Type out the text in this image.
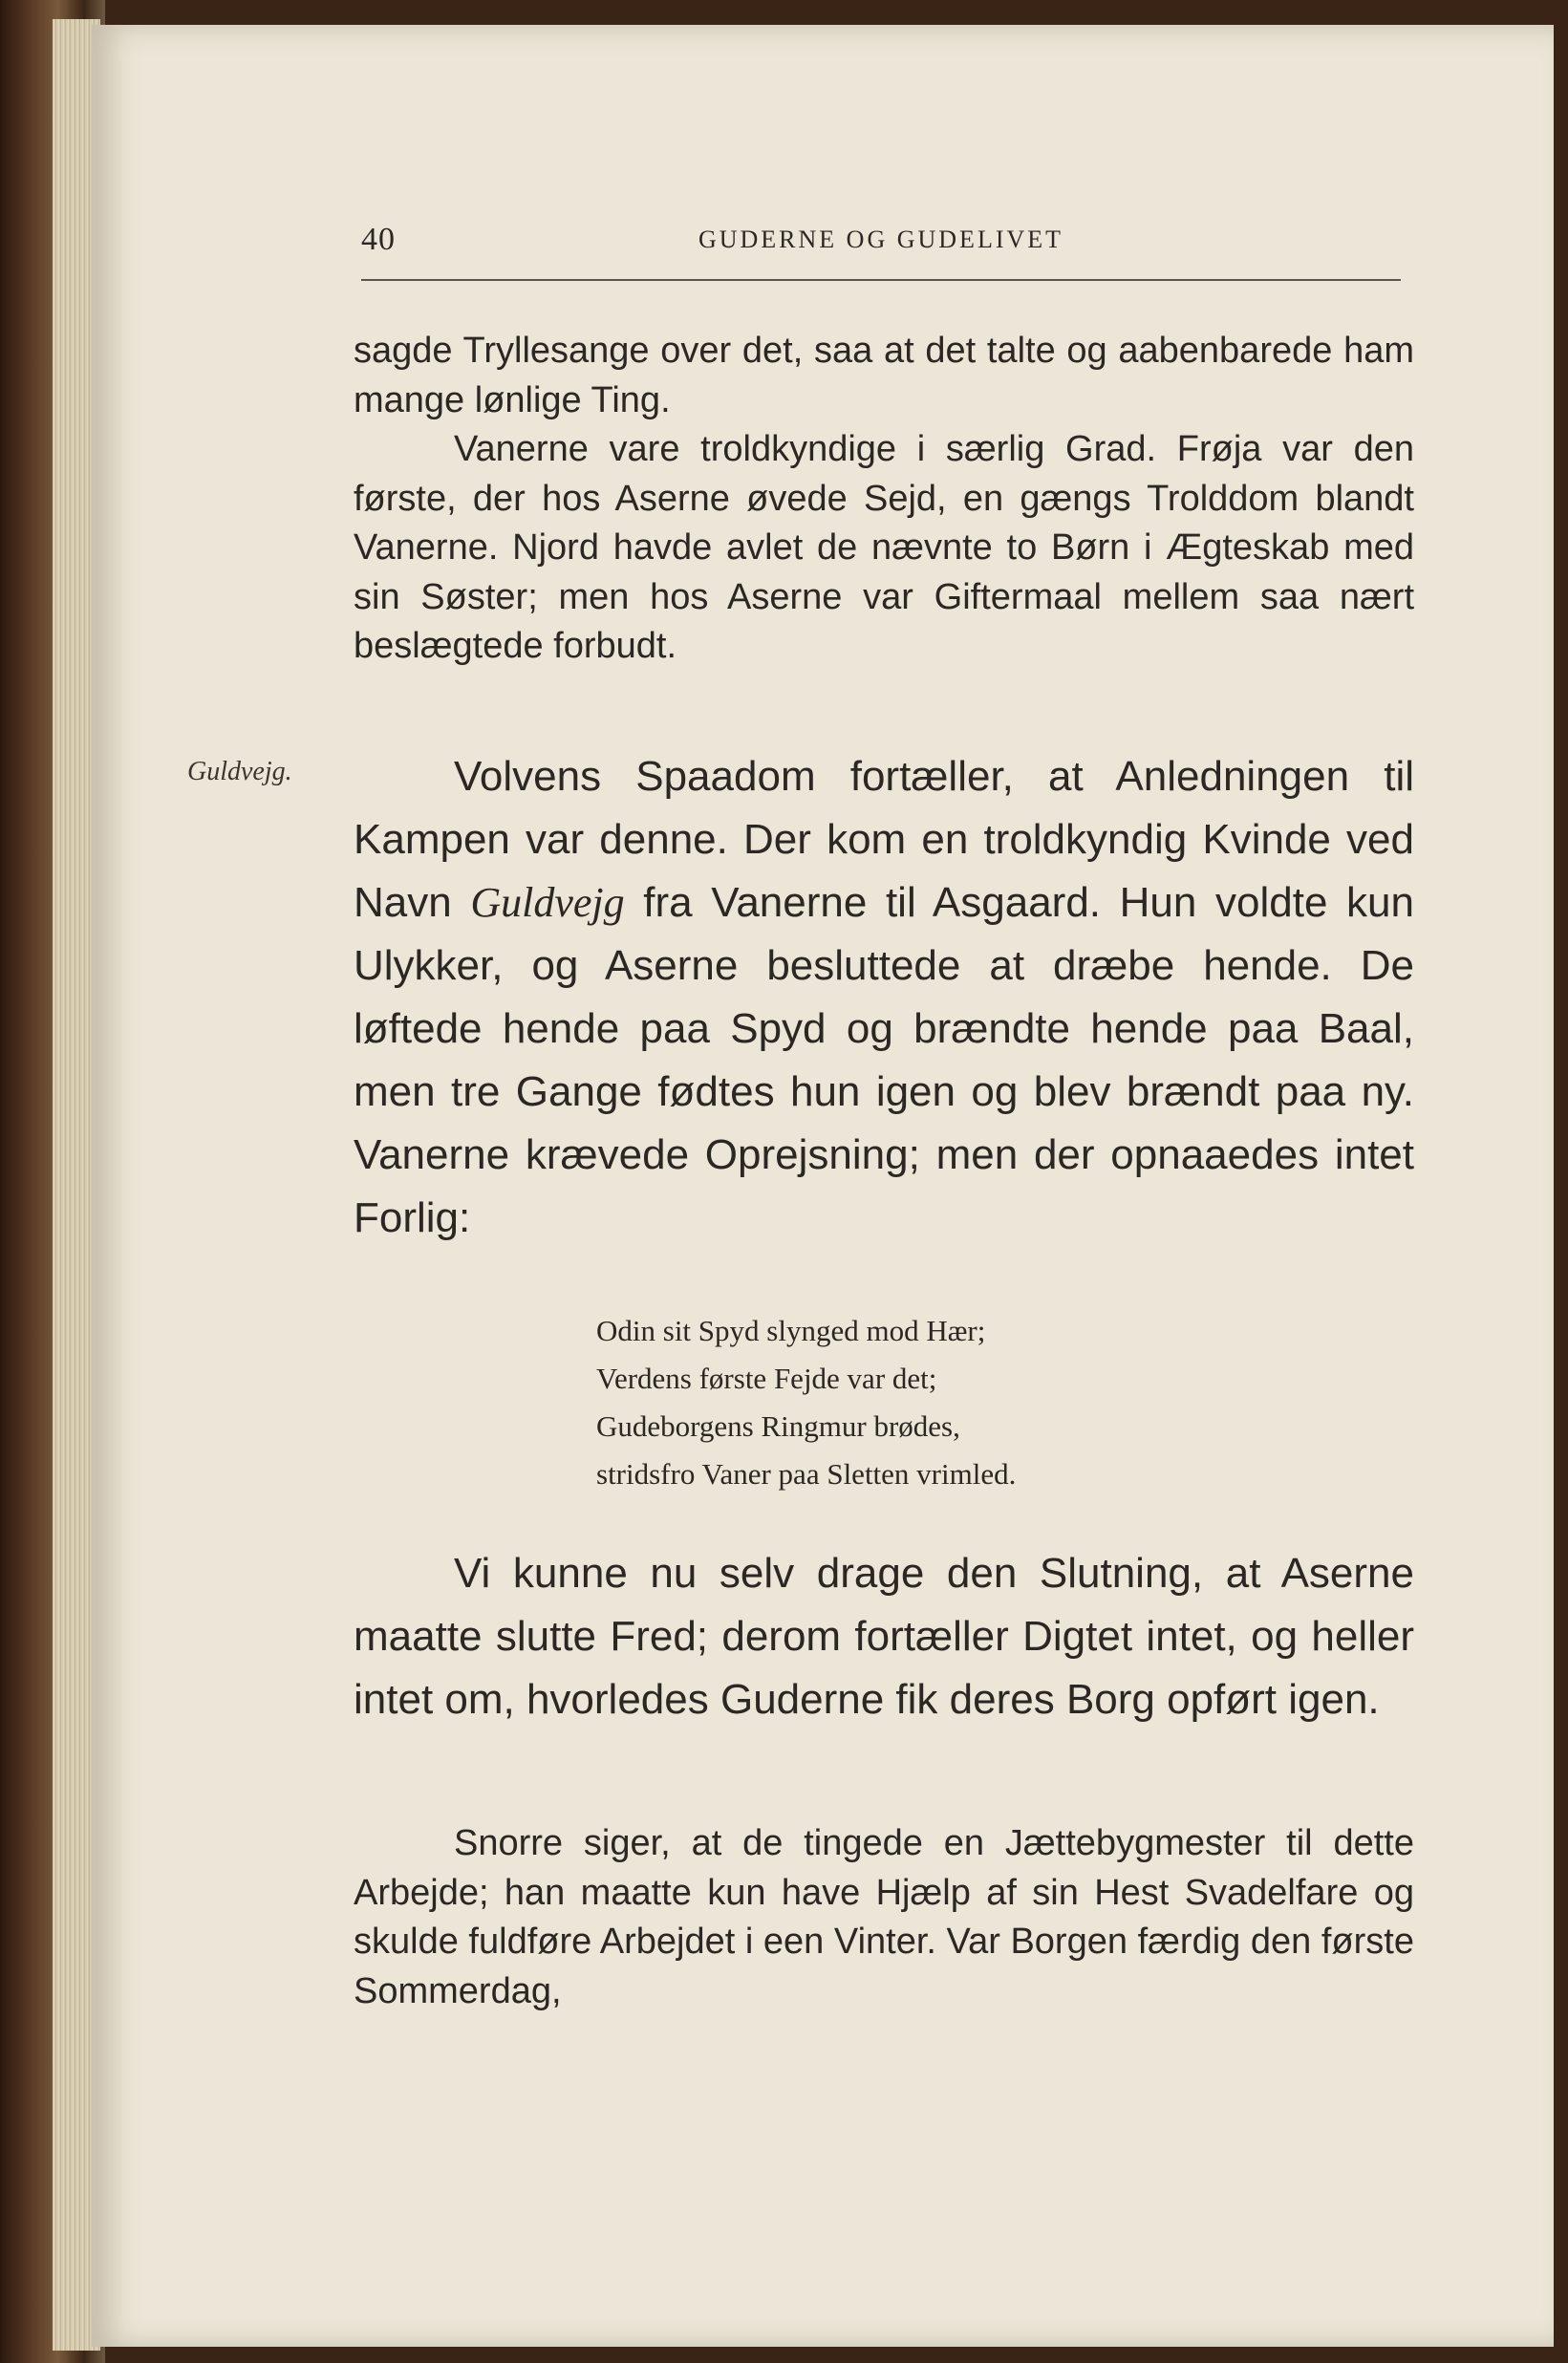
40	GUDERNE OG GUDELIVET

sagde Tryllesange over det, saa at det talte og aabenbarede ham mange lønlige Ting.

Vanerne vare troldkyndige i særlig Grad. Frøja var den første, der hos Aserne øvede Sejd, en gængs Trolddom blandt Vanerne. Njord havde avlet de nævnte to Børn i Ægteskab med sin Søster; men hos Aserne var Giftermaal mellem saa nært beslægtede forbudt.

Guldvejg.	Volvens Spaadom fortæller, at Anledningen til Kampen var denne. Der kom en troldkyndig Kvinde ved Navn Guldvejg fra Vanerne til Asgaard. Hun voldte kun Ulykker, og Aserne besluttede at dræbe hende. De løftede hende paa Spyd og brændte hende paa Baal, men tre Gange fødtes hun igen og blev brændt paa ny. Vanerne krævede Oprejsning; men der opnaaedes intet Forlig:

Odin sit Spyd slynged mod Hær;
Verdens første Fejde var det;
Gudeborgens Ringmur brødes,
stridsfro Vaner paa Sletten vrimled.

Vi kunne nu selv drage den Slutning, at Aserne maatte slutte Fred; derom fortæller Digtet intet, og heller intet om, hvorledes Guderne fik deres Borg opført igen.

Snorre siger, at de tingede en Jættebygmester til dette Arbejde; han maatte kun have Hjælp af sin Hest Svadelfare og skulde fuldføre Arbejdet i een Vinter. Var Borgen færdig den første Sommerdag,
